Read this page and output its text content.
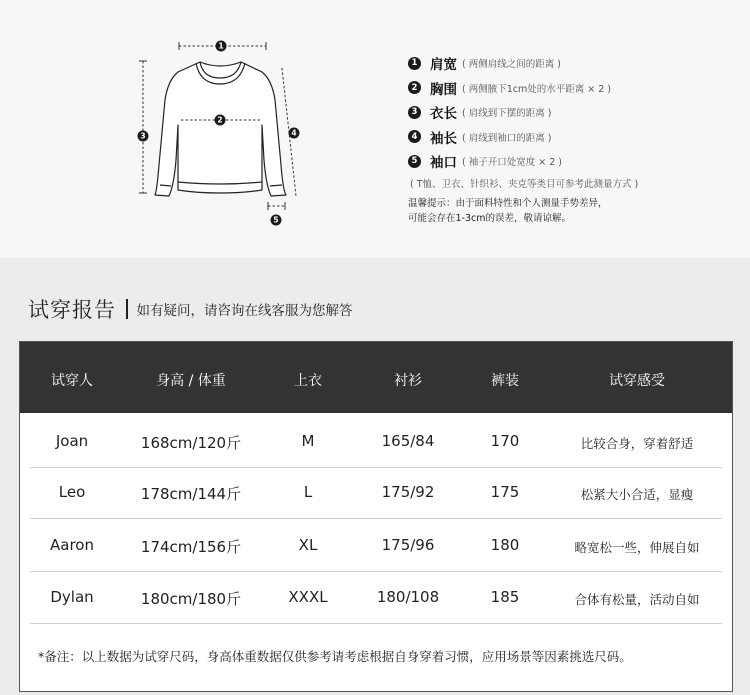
1
2
3	4
5
1 肩宽 ( 两侧肩线之间的距离 )
2 胸围 ( 两侧腋下1cm处的水平距离 × 2 )
3 衣长 ( 肩线到下摆的距离 )
4 袖长 ( 肩线到袖口的距离 )
5 袖口 ( 袖子开口处宽度 × 2 )
( T恤、卫衣、针织衫、夹克等类目可参考此测量方式 )
温馨提示：由于面料特性和个人测量手势差异，
可能会存在1-3cm的误差，敬请谅解。
试穿报告 如有疑问，请咨询在线客服为您解答
试穿人	身高 / 体重	上衣	衬衫	裤装	试穿感受
Joan	168cm/120斤	M	165/84	170	比较合身，穿着舒适
Leo	178cm/144斤	L	175/92	175	松紧大小合适，显瘦
Aaron	174cm/156斤	XL	175/96	180	略宽松一些，伸展自如
Dylan	180cm/180斤	XXXL	180/108	185	合体有松量，活动自如
*备注：以上数据为试穿尺码，身高体重数据仅供参考请考虑根据自身穿着习惯，应用场景等因素挑选尺码。
